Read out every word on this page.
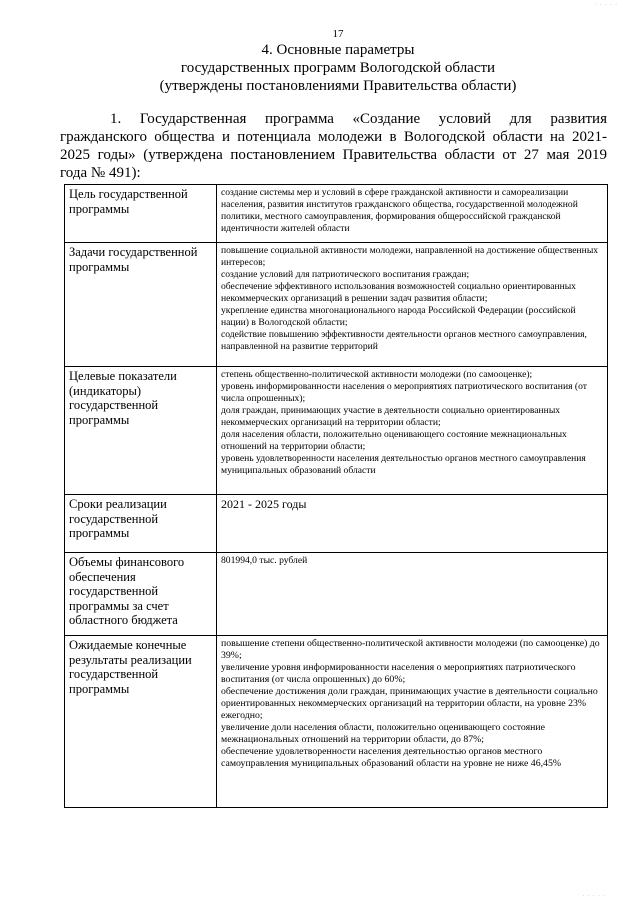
17
4. Основные параметры
государственных программ Вологодской области
(утверждены постановлениями Правительства области)
1. Государственная программа «Создание условий для развития
гражданского общества и потенциала молодежи в Вологодской области на 2021-
2025 годы» (утверждена постановлением Правительства области от 27 мая 2019
года № 491):
Цель государственной программы	создание системы мер и условий в сфере гражданской активности и самореализации населения, развития институтов гражданского общества, государственной молодежной политики, местного самоуправления, формирования общероссийской гражданской идентичности жителей области

Задачи государственной программы	повышение социальной активности молодежи, направленной на достижение общественных интересов;
создание условий для патриотического воспитания граждан;
обеспечение эффективного использования возможностей социально ориентированных некоммерческих организаций в решении задач развития области;
укрепление единства многонационального народа Российской Федерации (российской нации) в Вологодской области;
содействие повышению эффективности деятельности органов местного самоуправления, направленной на развитие территорий

Целевые показатели (индикаторы) государственной программы	степень общественно-политической активности молодежи (по самооценке);
уровень информированности населения о мероприятиях патриотического воспитания (от числа опрошенных);
доля граждан, принимающих участие в деятельности социально ориентированных некоммерческих организаций на территории области;
доля населения области, положительно оценивающего состояние межнациональных отношений на территории области;
уровень удовлетворенности населения деятельностью органов местного самоуправления муниципальных образований области

Сроки реализации государственной программы	2021 - 2025 годы

Объемы финансового обеспечения государственной программы за счет областного бюджета	801994,0 тыс. рублей

Ожидаемые конечные результаты реализации государственной программы	повышение степени общественно-политической активности молодежи (по самооценке) до 39%;
увеличение уровня информированности населения о мероприятиях патриотического воспитания (от числа опрошенных) до 60%;
обеспечение достижения доли граждан, принимающих участие в деятельности социально ориентированных некоммерческих организаций на территории области, на уровне 23% ежегодно;
увеличение доли населения области, положительно оценивающего состояние межнациональных отношений на территории области, до 87%;
обеспечение удовлетворенности населения деятельностью органов местного самоуправления муниципальных образований области на уровне не ниже 46,45%
· · · · ·
· · · · ·
